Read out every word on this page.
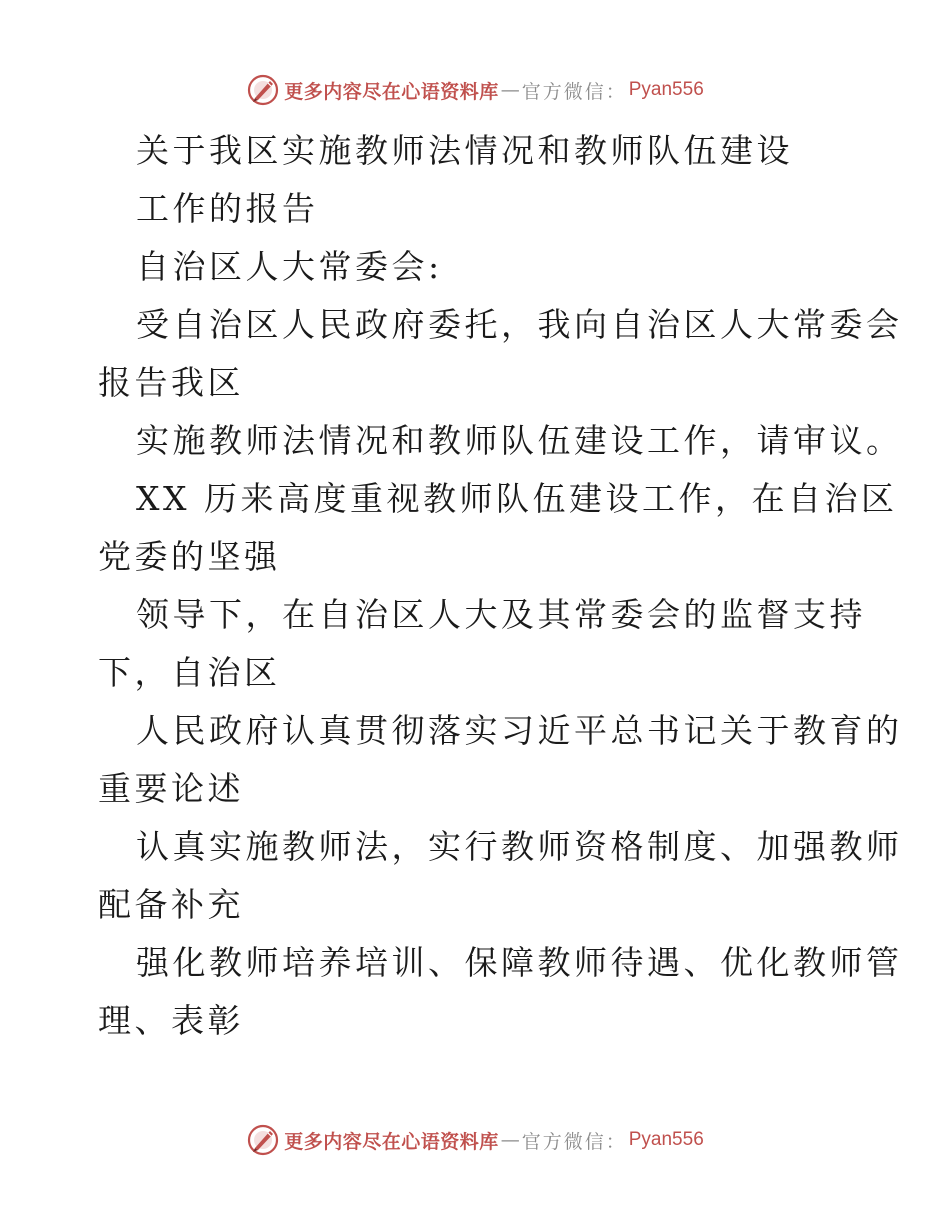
更多内容尽在心语资料库 — 官方微信： Pyan556
关于我区实施教师法情况和教师队伍建设
工作的报告
自治区人大常委会:
受自治区人民政府委托，我向自治区人大常委会
报告我区
实施教师法情况和教师队伍建设工作，请审议。
XX 历来高度重视教师队伍建设工作，在自治区
党委的坚强
领导下，在自治区人大及其常委会的监督支持
下，自治区
人民政府认真贯彻落实习近平总书记关于教育的
重要论述
认真实施教师法，实行教师资格制度、加强教师
配备补充
强化教师培养培训、保障教师待遇、优化教师管
理、表彰
更多内容尽在心语资料库 — 官方微信： Pyan556
